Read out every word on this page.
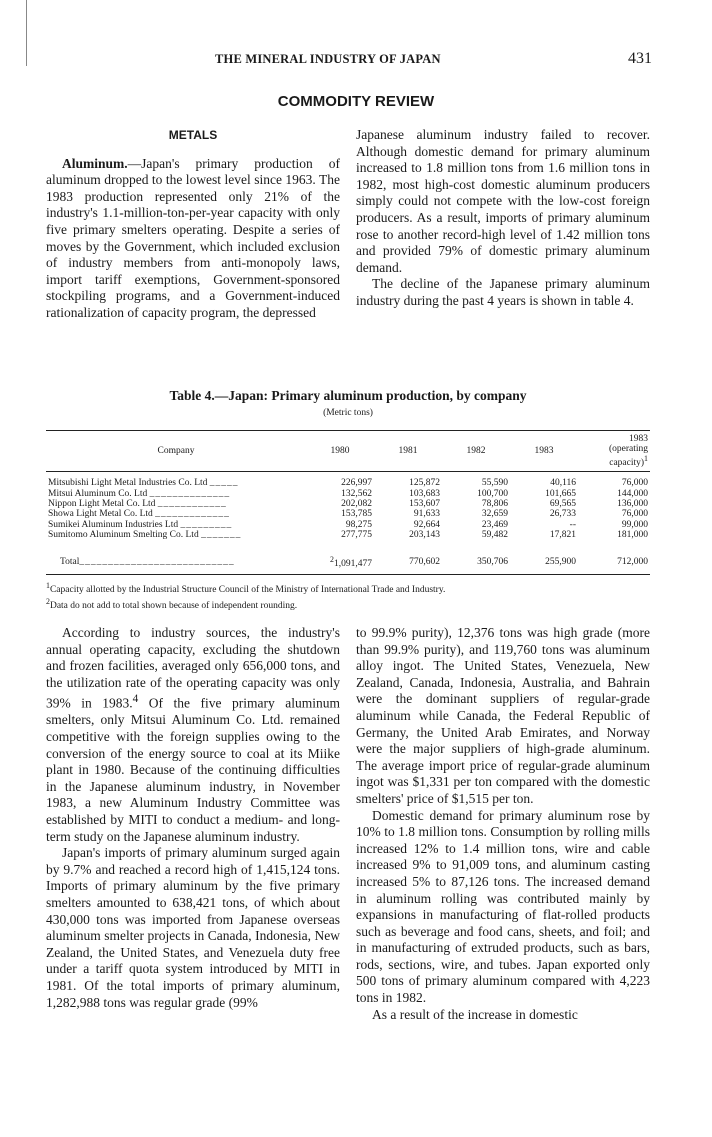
THE MINERAL INDUSTRY OF JAPAN	431
COMMODITY REVIEW
METALS

Aluminum.—Japan's primary production of aluminum dropped to the lowest level since 1963. The 1983 production represented only 21% of the industry's 1.1-million-ton-per-year capacity with only five primary smelters operating. Despite a series of moves by the Government, which included exclusion of industry members from anti-monopoly laws, import tariff exemptions, Government-sponsored stockpiling programs, and a Government-induced rationalization of capacity program, the depressed

Japanese aluminum industry failed to recover. Although domestic demand for primary aluminum increased to 1.8 million tons from 1.6 million tons in 1982, most high-cost domestic aluminum producers simply could not compete with the low-cost foreign producers. As a result, imports of primary aluminum rose to another record-high level of 1.42 million tons and provided 79% of domestic primary aluminum demand.

The decline of the Japanese primary aluminum industry during the past 4 years is shown in table 4.

Table 4.—Japan: Primary aluminum production, by company
(Metric tons)
Company	1980	1981	1982	1983	1983
(operating
capacity)$^1$

Mitsubishi Light Metal Industries Co. Ltd _____	226,997	125,872	55,590	40,116	76,000
Mitsui Aluminum Co. Ltd ______________	132,562	103,683	100,700	101,665	144,000
Nippon Light Metal Co. Ltd ____________	202,082	153,607	78,806	69,565	136,000
Showa Light Metal Co. Ltd _____________	153,785	91,633	32,659	26,733	76,000
Sumikei Aluminum Industries Ltd _________	98,275	92,664	23,469	--	99,000
Sumitomo Aluminum Smelting Co. Ltd _______	277,775	203,143	59,482	17,821	181,000

Total___________________________	$^2$1,091,477	770,602	350,706	255,900	712,000
$^1$Capacity allotted by the Industrial Structure Council of the Ministry of International Trade and Industry.
$^2$Data do not add to total shown because of independent rounding.

According to industry sources, the industry's annual operating capacity, excluding the shutdown and frozen facilities, averaged only 656,000 tons, and the utilization rate of the operating capacity was only 39% in 1983.$^4$ Of the five primary aluminum smelters, only Mitsui Aluminum Co. Ltd. remained competitive with the foreign supplies owing to the conversion of the energy source to coal at its Miike plant in 1980. Because of the continuing difficulties in the Japanese aluminum industry, in November 1983, a new Aluminum Industry Committee was established by MITI to conduct a medium- and long-term study on the Japanese aluminum industry.

Japan's imports of primary aluminum surged again by 9.7% and reached a record high of 1,415,124 tons. Imports of primary aluminum by the five primary smelters amounted to 638,421 tons, of which about 430,000 tons was imported from Japanese overseas aluminum smelter projects in Canada, Indonesia, New Zealand, the United States, and Venezuela duty free under a tariff quota system introduced by MITI in 1981. Of the total imports of primary aluminum, 1,282,988 tons was regular grade (99%

to 99.9% purity), 12,376 tons was high grade (more than 99.9% purity), and 119,760 tons was aluminum alloy ingot. The United States, Venezuela, New Zealand, Canada, Indonesia, Australia, and Bahrain were the dominant suppliers of regular-grade aluminum while Canada, the Federal Republic of Germany, the United Arab Emirates, and Norway were the major suppliers of high-grade aluminum. The average import price of regular-grade aluminum ingot was $1,331 per ton compared with the domestic smelters' price of $1,515 per ton.

Domestic demand for primary aluminum rose by 10% to 1.8 million tons. Consumption by rolling mills increased 12% to 1.4 million tons, wire and cable increased 9% to 91,009 tons, and aluminum casting increased 5% to 87,126 tons. The increased demand in aluminum rolling was contributed mainly by expansions in manufacturing of flat-rolled products such as beverage and food cans, sheets, and foil; and in manufacturing of extruded products, such as bars, rods, sections, wire, and tubes. Japan exported only 500 tons of primary aluminum compared with 4,223 tons in 1982.

As a result of the increase in domestic
